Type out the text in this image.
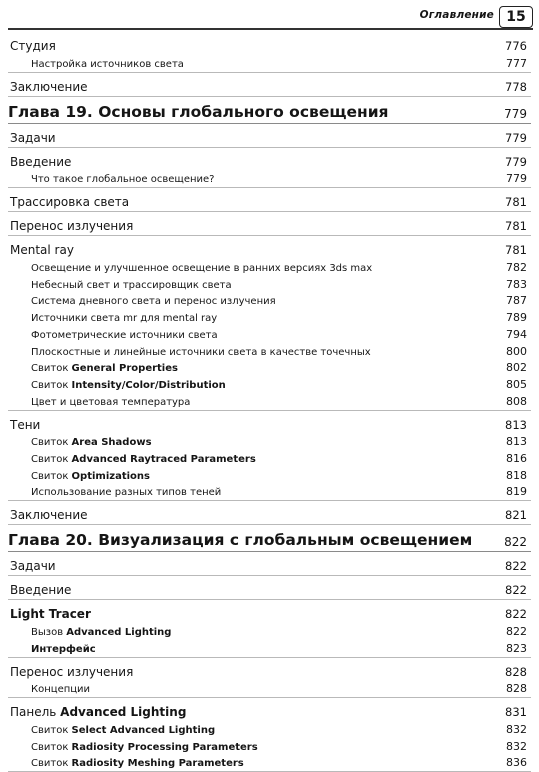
Оглавление 15
Студия	776
Настройка источников света	777
Заключение	778
Глава 19. Основы глобального освещения	779
Задачи	779
Введение	779
Что такое глобальное освещение?	779
Трассировка света	781
Перенос излучения	781
Mental ray	781
Освещение и улучшенное освещение в ранних версиях 3ds max	782
Небесный свет и трассировщик света	783
Система дневного света и перенос излучения	787
Источники света mr для mental ray	789
Фотометрические источники света	794
Плоскостные и линейные источники света в качестве точечных	800
Свиток General Properties	802
Свиток Intensity/Color/Distribution	805
Цвет и цветовая температура	808
Тени	813
Свиток Area Shadows	813
Свиток Advanced Raytraced Parameters	816
Свиток Optimizations	818
Использование разных типов теней	819
Заключение	821
Глава 20. Визуализация с глобальным освещением	822
Задачи	822
Введение	822
Light Tracer	822
Вызов Advanced Lighting	822
Интерфейс	823
Перенос излучения	828
Концепции	828
Панель Advanced Lighting	831
Свиток Select Advanced Lighting	832
Свиток Radiosity Processing Parameters	832
Свиток Radiosity Meshing Parameters	836
